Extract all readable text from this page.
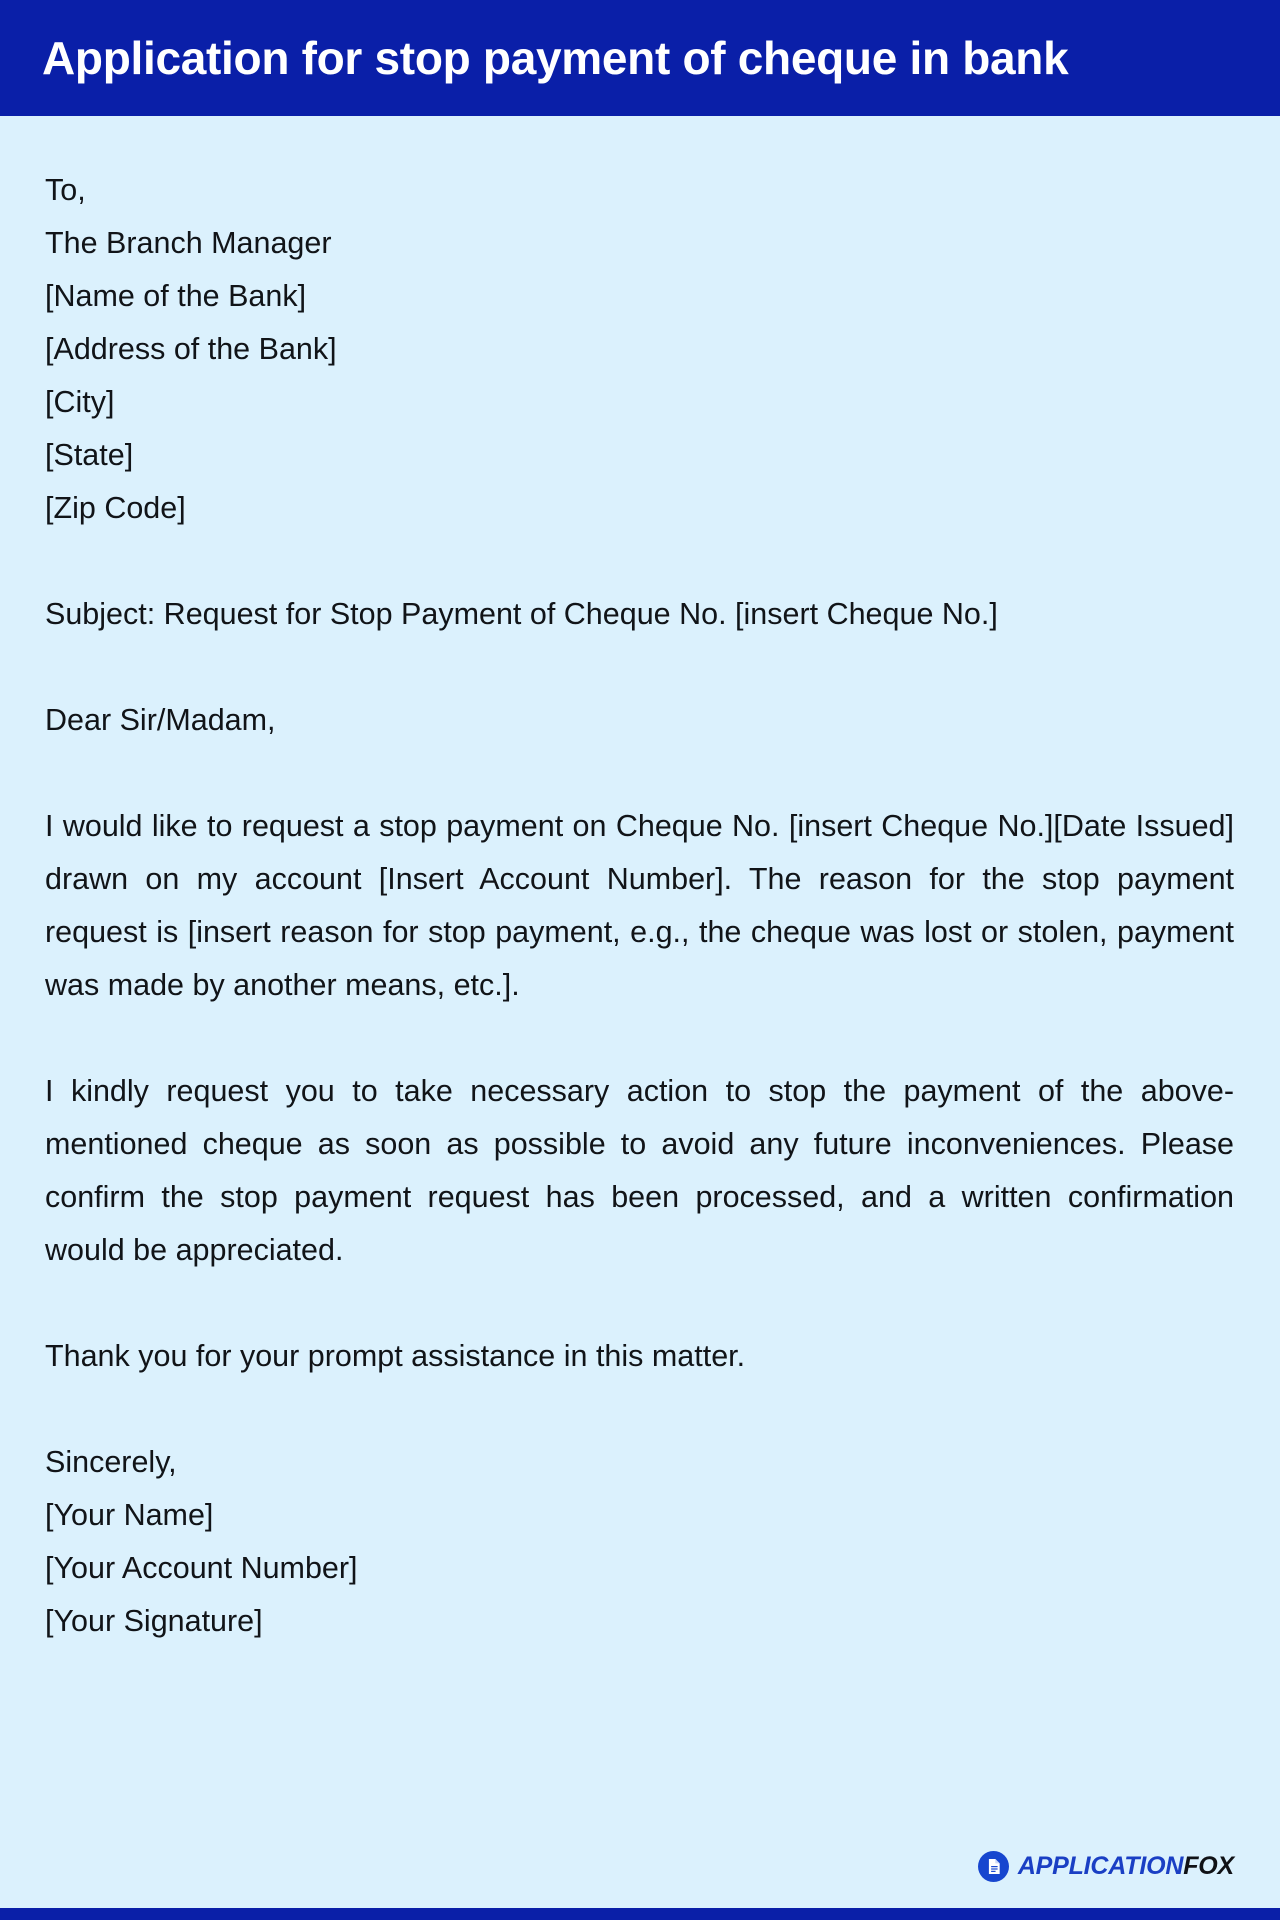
Application for stop payment of cheque in bank
To,
The Branch Manager
[Name of the Bank]
[Address of the Bank]
[City]
[State]
[Zip Code]

Subject: Request for Stop Payment of Cheque No. [insert Cheque No.]

Dear Sir/Madam,

I would like to request a stop payment on Cheque No. [insert Cheque No.][Date Issued] drawn on my account [Insert Account Number]. The reason for the stop payment request is [insert reason for stop payment, e.g., the cheque was lost or stolen, payment was made by another means, etc.].

I kindly request you to take necessary action to stop the payment of the above-mentioned cheque as soon as possible to avoid any future inconveniences. Please confirm the stop payment request has been processed, and a written confirmation would be appreciated.

Thank you for your prompt assistance in this matter.

Sincerely,
[Your Name]
[Your Account Number]
[Your Signature]
APPLICATIONFOX
